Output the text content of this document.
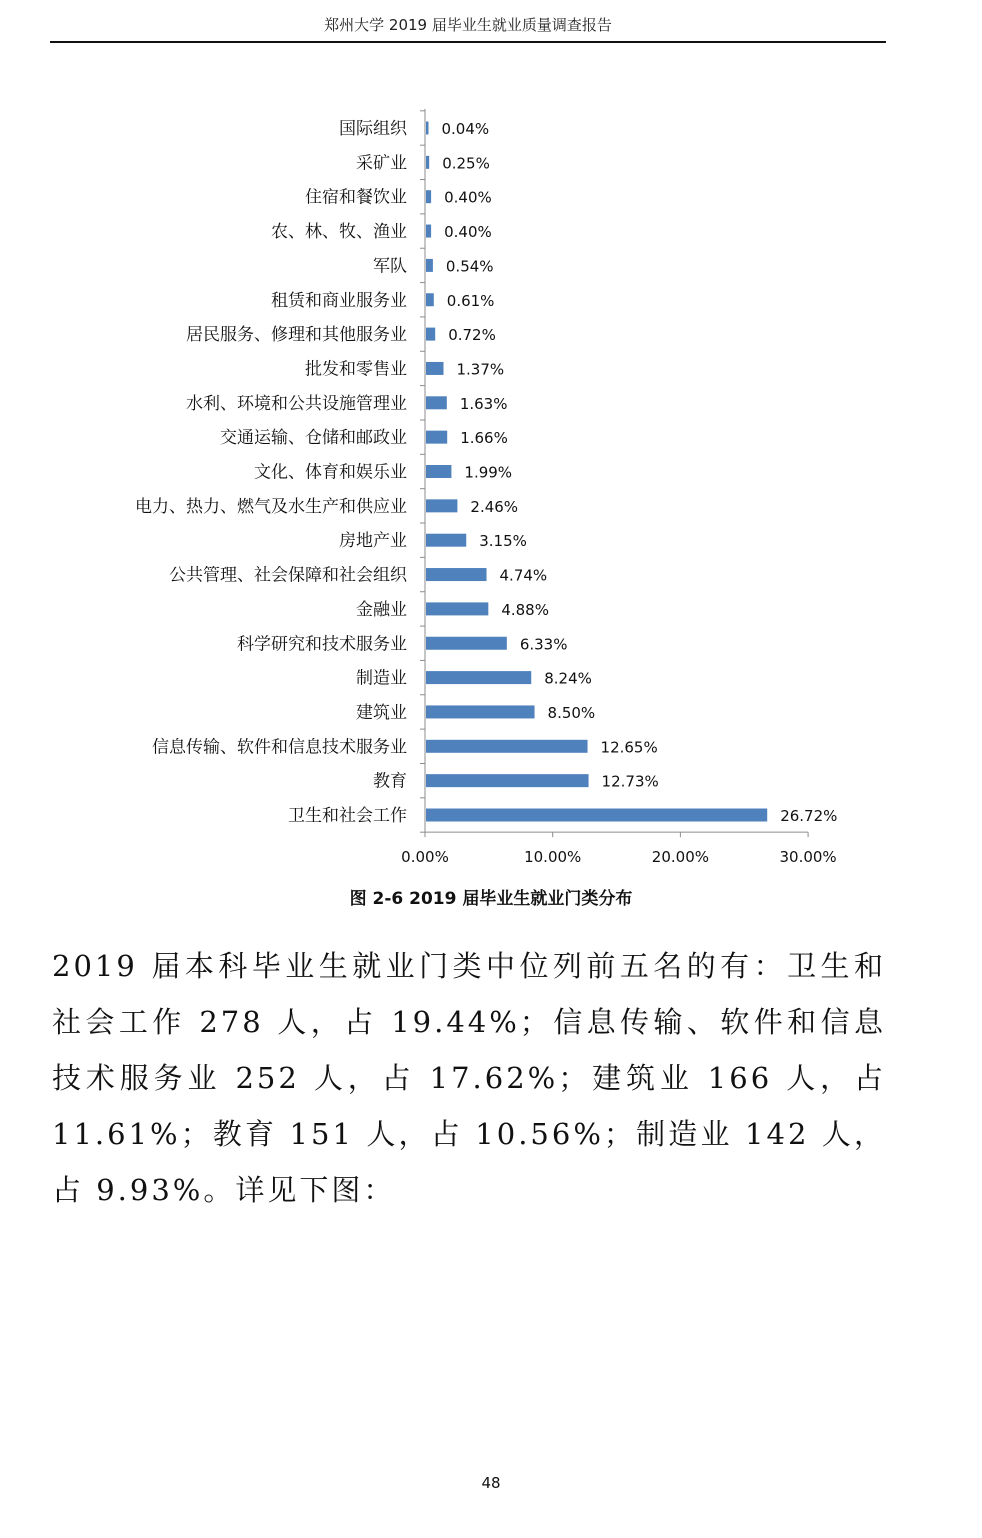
郑州大学 2019 届毕业生就业质量调查报告
国际组织 0.04%
采矿业 0.25%
住宿和餐饮业 0.40%
农、林、牧、渔业 0.40%
军队	0.54%
租赁和商业服务业	0.61%
居民服务、修理和其他服务业	0.72%
批发和零售业	1.37%
水利、环境和公共设施管理业	1.63%
交通运输、仓储和邮政业	1.66%
文化、体育和娱乐业	1.99%
电力、热力、燃气及水生产和供应业	2.46%
房地产业	3.15%
公共管理、社会保障和社会组织	4.74%
金融业	4.88%
科学研究和技术服务业	6.33%
制造业	8.24%
建筑业	8.50%
信息传输、软件和信息技术服务业	12.65%
教育	12.73%
卫生和社会工作	26.72%
0.00%	10.00%	20.00%	30.00%
图 2-6 2019 届毕业生就业门类分布
2019 届本科毕业生就业门类中位列前五名的有：卫生和社会工作 278 人，占 19.44%；信息传输、软件和信息技术服务业 252 人，占 17.62%；建筑业 166 人，占 11.61%；教育 151 人，占 10.56%；制造业 142 人，占 9.93%。详见下图：
48
